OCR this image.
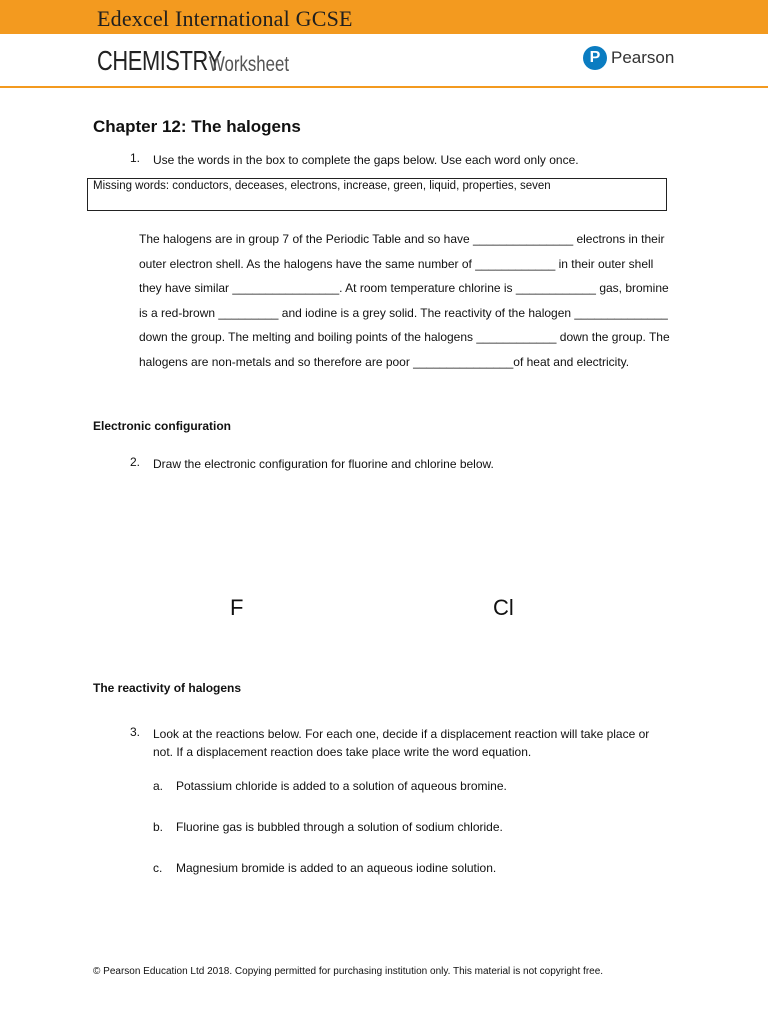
Edexcel International GCSE
CHEMISTRY
Worksheet	P Pearson
Chapter 12: The halogens
1. Use the words in the box to complete the gaps below. Use each word only once.
Missing words: conductors, deceases, electrons, increase, green, liquid, properties, seven
The halogens are in group 7 of the Periodic Table and so have _______________ electrons in their outer electron shell. As the halogens have the same number of ____________ in their outer shell they have similar ________________. At room temperature chlorine is ____________ gas, bromine is a red-brown _________ and iodine is a grey solid. The reactivity of the halogen ______________ down the group. The melting and boiling points of the halogens ____________ down the group. The halogens are non-metals and so therefore are poor _______________of heat and electricity.
Electronic configuration
2. Draw the electronic configuration for fluorine and chlorine below.
F	Cl
The reactivity of halogens
3. Look at the reactions below. For each one, decide if a displacement reaction will take place or not. If a displacement reaction does take place write the word equation.
a. Potassium chloride is added to a solution of aqueous bromine.
b. Fluorine gas is bubbled through a solution of sodium chloride.
c. Magnesium bromide is added to an aqueous iodine solution.
© Pearson Education Ltd 2018. Copying permitted for purchasing institution only. This material is not copyright free.
